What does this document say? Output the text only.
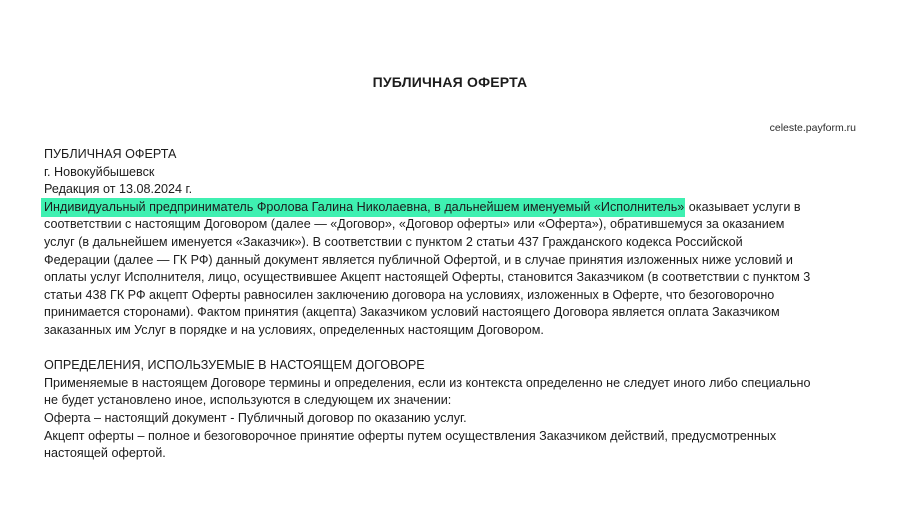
ПУБЛИЧНАЯ ОФЕРТА
celeste.payform.ru
ПУБЛИЧНАЯ ОФЕРТА
г. Новокуйбышевск
Редакция от 13.08.2024 г.
Индивидуальный предприниматель Фролова Галина Николаевна, в дальнейшем именуемый «Исполнитель» оказывает услуги в
соответствии с настоящим Договором (далее — «Договор», «Договор оферты» или «Оферта»), обратившемуся за оказанием
услуг (в дальнейшем именуется «Заказчик»). В соответствии с пунктом 2 статьи 437 Гражданского кодекса Российской
Федерации (далее — ГК РФ) данный документ является публичной Офертой, и в случае принятия изложенных ниже условий и
оплаты услуг Исполнителя, лицо, осуществившее Акцепт настоящей Оферты, становится Заказчиком (в соответствии с пунктом 3
статьи 438 ГК РФ акцепт Оферты равносилен заключению договора на условиях, изложенных в Оферте, что безоговорочно
принимается сторонами). Фактом принятия (акцепта) Заказчиком условий настоящего Договора является оплата Заказчиком
заказанных им Услуг в порядке и на условиях, определенных настоящим Договором.
ОПРЕДЕЛЕНИЯ, ИСПОЛЬЗУЕМЫЕ В НАСТОЯЩЕМ ДОГОВОРЕ
Применяемые в настоящем Договоре термины и определения, если из контекста определенно не следует иного либо специально
не будет установлено иное, используются в следующем их значении:
Оферта – настоящий документ - Публичный договор по оказанию услуг.
Акцепт оферты – полное и безоговорочное принятие оферты путем осуществления Заказчиком действий, предусмотренных
настоящей офертой.
